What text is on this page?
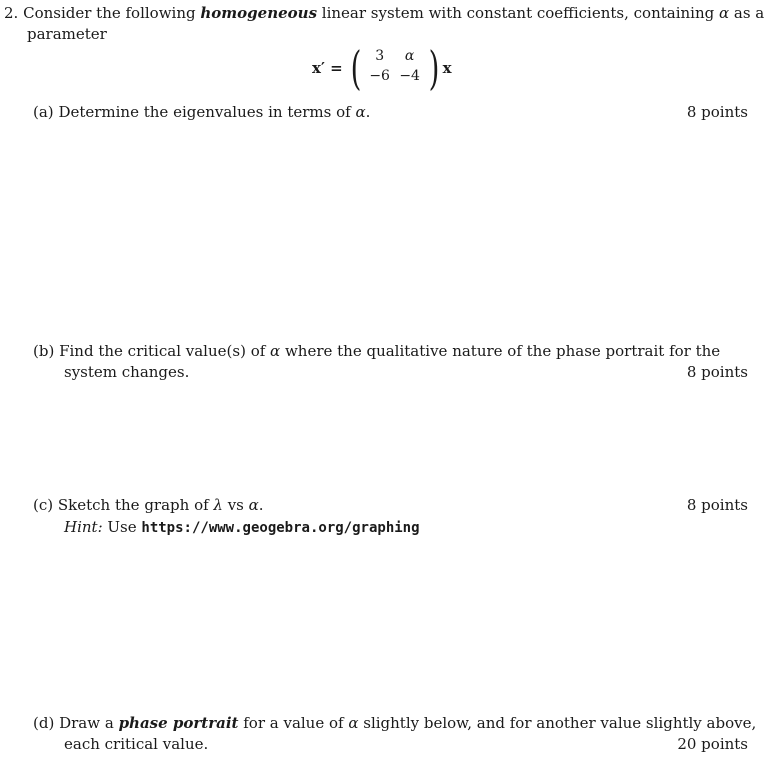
2. Consider the following homogeneous linear system with constant coefficients, containing α as a
parameter
x′ = (	3	α
−6 −4 ) x
(a) Determine the eigenvalues in terms of α.	8 points
(b) Find the critical value(s) of α where the qualitative nature of the phase portrait for the
system changes.	8 points
(c) Sketch the graph of λ vs α.	8 points
Hint: Use https://www.geogebra.org/graphing
(d) Draw a phase portrait for a value of α slightly below, and for another value slightly above,
each critical value.	20 points
